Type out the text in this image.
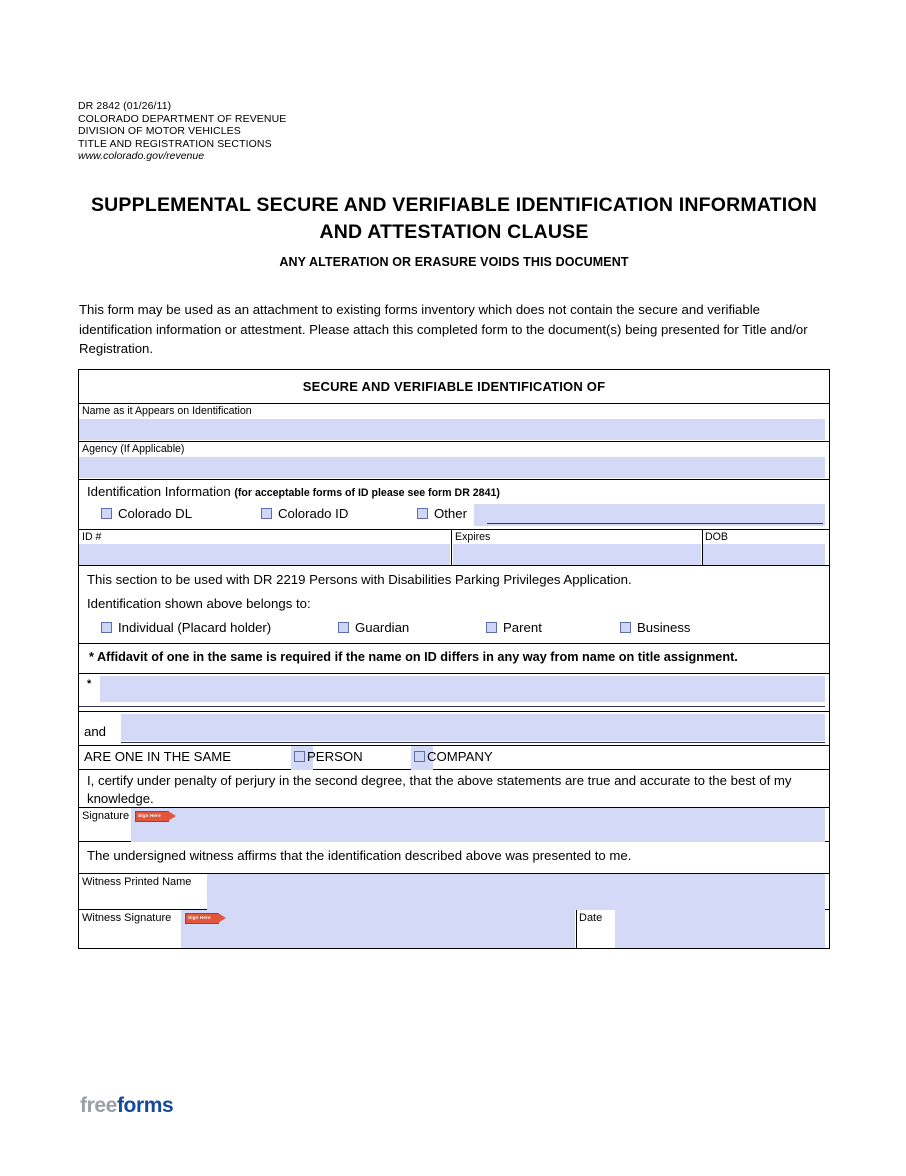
DR 2842 (01/26/11)
COLORADO DEPARTMENT OF REVENUE
DIVISION OF MOTOR VEHICLES
TITLE AND REGISTRATION SECTIONS
www.colorado.gov/revenue
SUPPLEMENTAL SECURE AND VERIFIABLE IDENTIFICATION INFORMATION AND ATTESTATION CLAUSE
ANY ALTERATION OR ERASURE VOIDS THIS DOCUMENT
This form may be used as an attachment to existing forms inventory which does not contain the secure and verifiable identification information or attestment. Please attach this completed form to the document(s) being presented for Title and/or Registration.
SECURE AND VERIFIABLE IDENTIFICATION OF
Name as it Appears on Identification
Agency (If Applicable)
Identification Information (for acceptable forms of ID please see form DR 2841)
Colorado DL	Colorado ID	Other
ID #	Expires	DOB
This section to be used with DR 2219 Persons with Disabilities Parking Privileges Application.
Identification shown above belongs to:
Individual (Placard holder)	Guardian	Parent	Business
* Affidavit of one in the same is required if the name on ID differs in any way from name on title assignment.
*
and
ARE ONE IN THE SAME	PERSON	COMPANY
I, certify under penalty of perjury in the second degree, that the above statements are true and accurate to the best of my knowledge.
Signature Sign Here
The undersigned witness affirms that the identification described above was presented to me.
Witness Printed Name
Witness Signature	Sign Here	Date
freeforms
